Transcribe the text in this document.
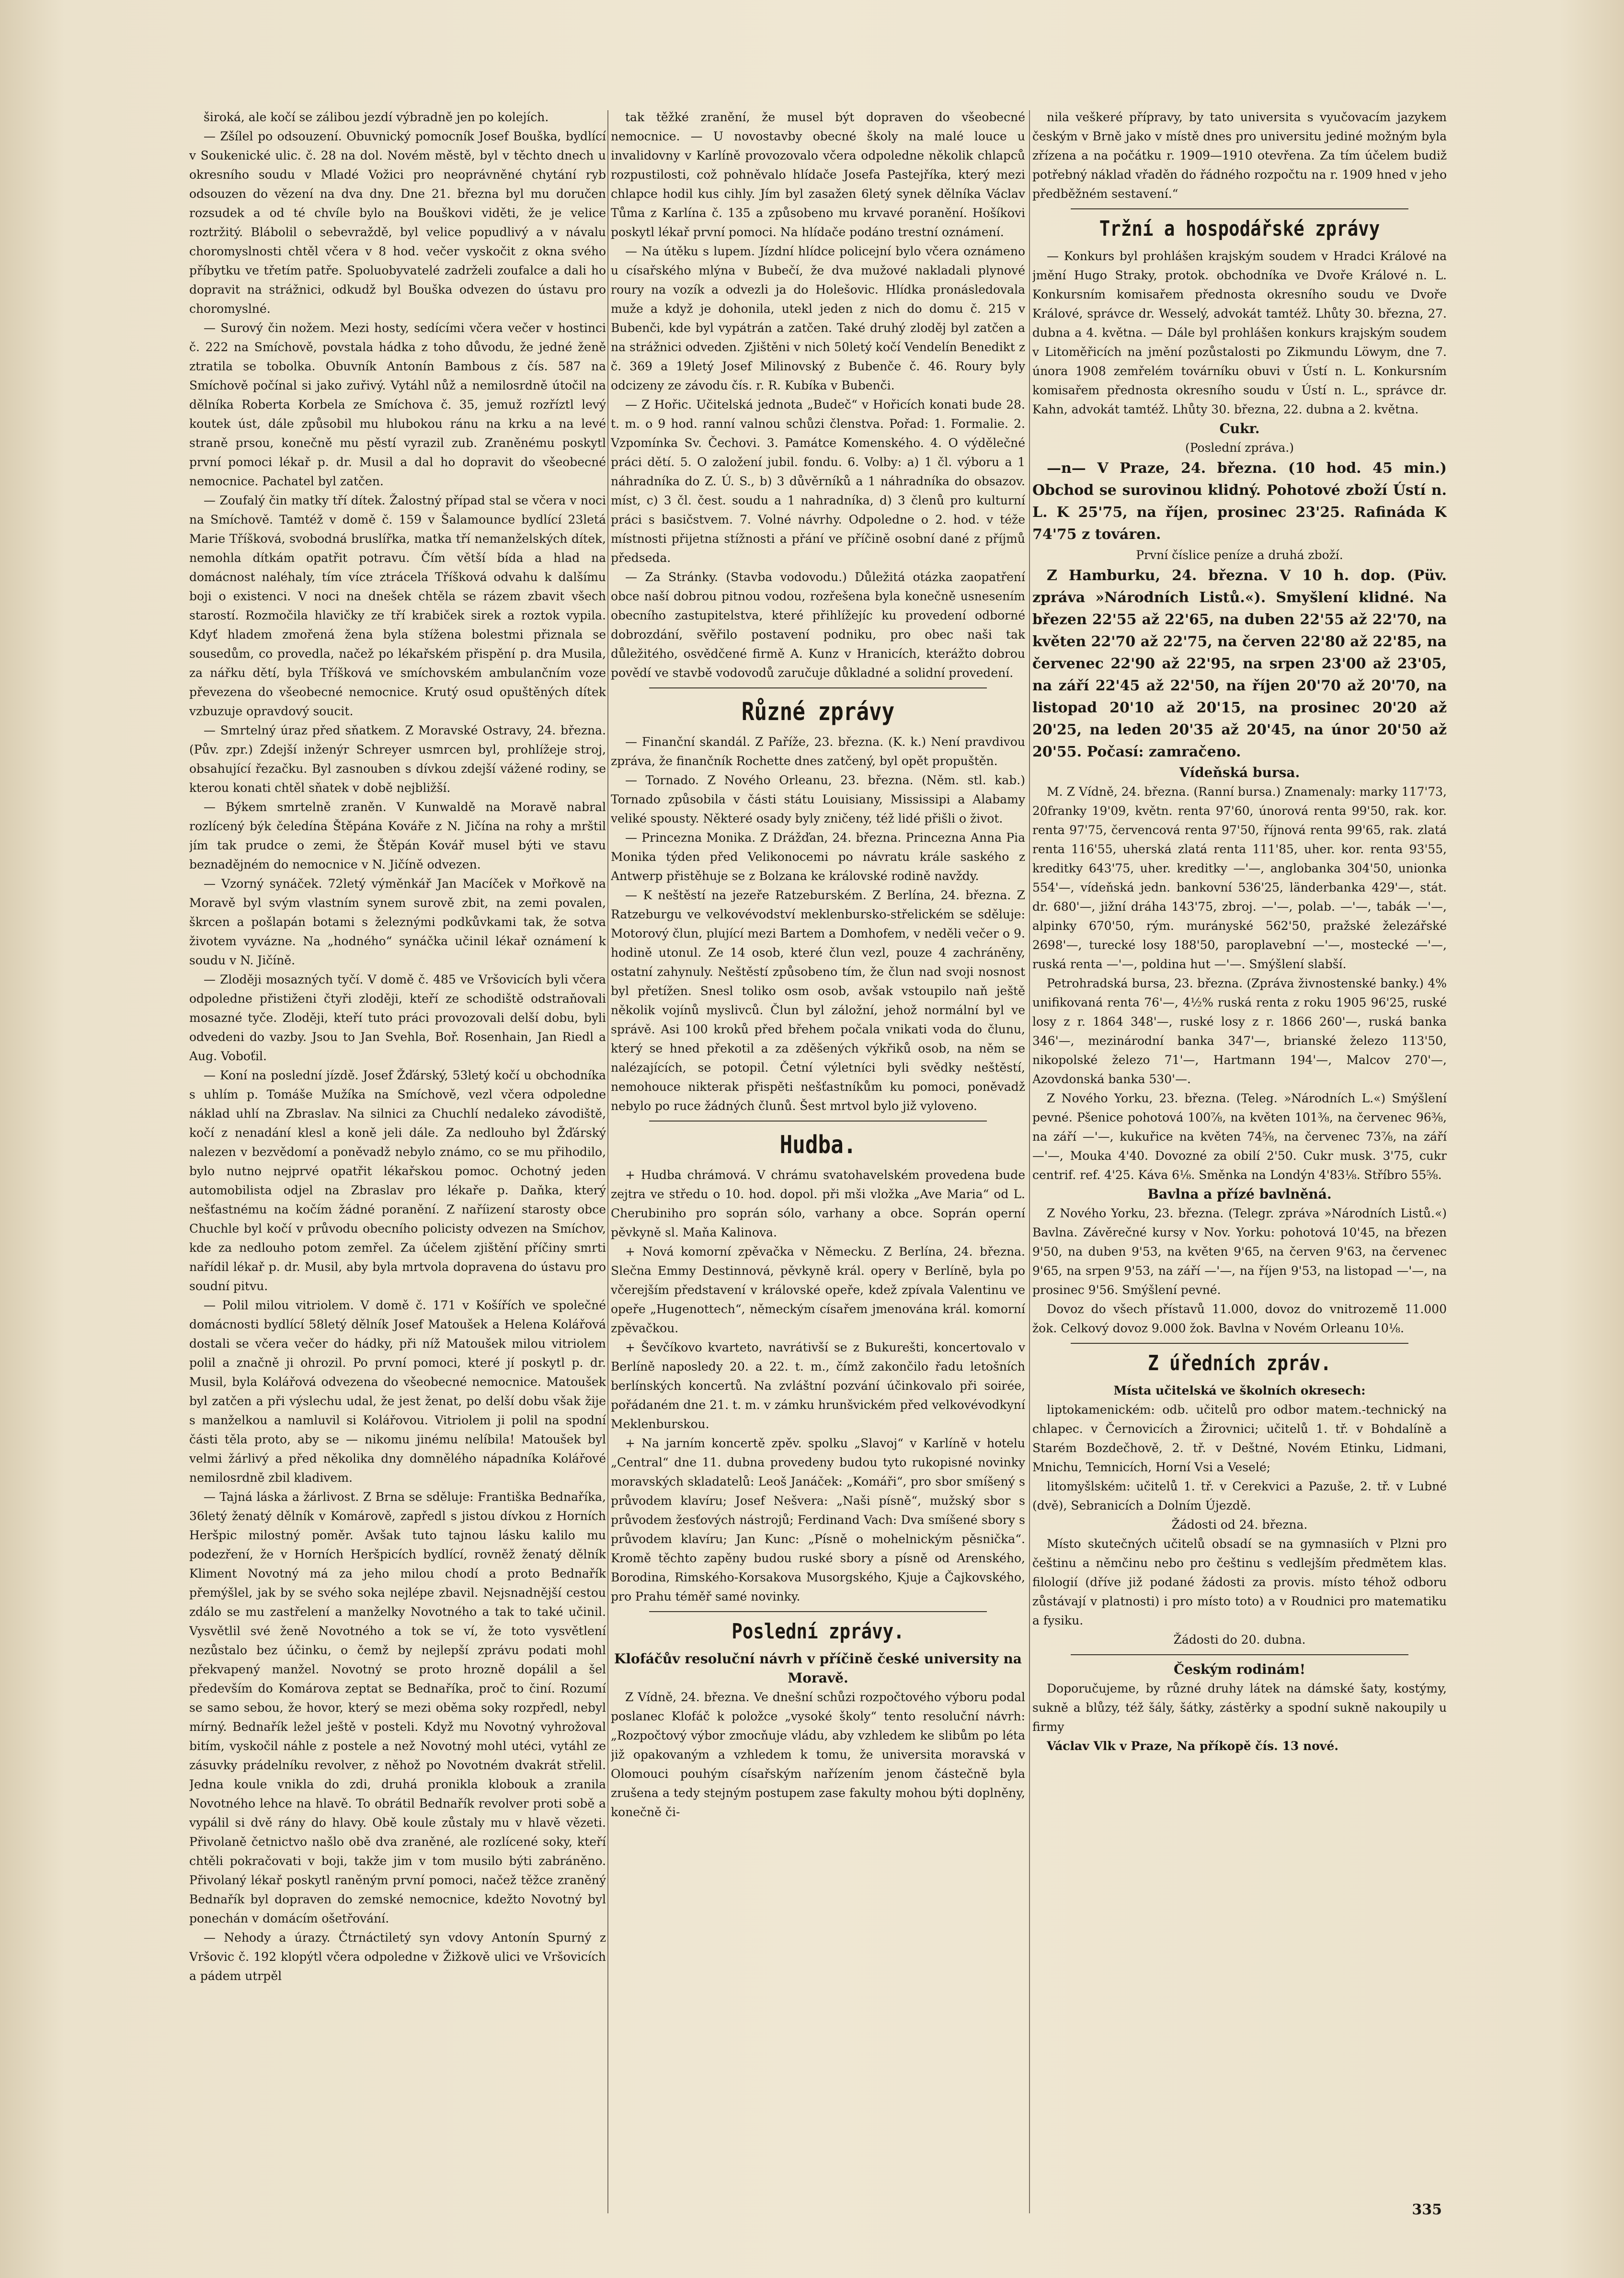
široká, ale kočí se zálibou jezdí výbradně jen po kolejích.

— Zšílel po odsouzení. Obuvnický pomocník Josef Bouška, bydlící v Soukenické ulic. č. 28 na dol. Novém městě, byl v těchto dnech u okresního soudu v Mladé Vožici pro neoprávněné chytání ryb odsouzen do vězení na dva dny. Dne 21. března byl mu doručen rozsudek a od té chvíle bylo na Bouškovi viděti, že je velice roztržitý. Blábolil o sebevraždě, byl velice popudlivý a v návalu choromyslnosti chtěl včera v 8 hod. večer vyskočit z okna svého příbytku ve třetím patře. Spoluobyvatelé zadrželi zoufalce a dali ho dopravit na strážnici, odkudž byl Bouška odvezen do ústavu pro choromyslné.

— Surový čin nožem. Mezi hosty, sedícími včera večer v hostinci č. 222 na Smíchově, povstala hádka z toho důvodu, že jedné ženě ztratila se tobolka. Obuvník Antonín Bambous z čís. 587 na Smíchově počínal si jako zuřivý. Vytáhl nůž a nemilosrdně útočil na dělníka Roberta Korbela ze Smíchova č. 35, jemuž rozříztl levý koutek úst, dále způsobil mu hlubokou ránu na krku a na levé straně prsou, konečně mu pěstí vyrazil zub. Zraněnému poskytl první pomoci lékař p. dr. Musil a dal ho dopravit do všeobecné nemocnice. Pachatel byl zatčen.

— Zoufalý čin matky tří dítek. Žalostný případ stal se včera v noci na Smíchově. Tamtéž v domě č. 159 v Šalamounce bydlící 23letá Marie Tříšková, svobodná bruslířka, matka tří nemanželských dítek, nemohla dítkám opatřit potravu. Čím větší bída a hlad na domácnost naléhaly, tím více ztrácela Tříšková odvahu k dalšímu boji o existenci. V noci na dnešek chtěla se rázem zbavit všech starostí. Rozmočila hlavičky ze tří krabiček sirek a roztok vypila. Kdyť hladem zmořená žena byla stížena bolestmi přiznala se sousedům, co provedla, načež po lékařském přispění p. dra Musila, za nářku dětí, byla Tříšková ve smíchovském ambulančním voze převezena do všeobecné nemocnice. Krutý osud opuštěných dítek vzbuzuje opravdový soucit.

— Smrtelný úraz před sňatkem. Z Moravské Ostravy, 24. března. (Pův. zpr.) Zdejší inženýr Schreyer usmrcen byl, prohlížeje stroj, obsahující řezačku. Byl zasnouben s dívkou zdejší vážené rodiny, se kterou konati chtěl sňatek v době nejbližší.

— Býkem smrtelně zraněn. V Kunwaldě na Moravě nabral rozlícený býk čeledína Štěpána Kováře z N. Jičína na rohy a mrštil jím tak prudce o zemi, že Štěpán Kovář musel býti ve stavu beznadějném do nemocnice v N. Jičíně odvezen.

— Vzorný synáček. 72letý výměnkář Jan Macíček v Mořkově na Moravě byl svým vlastním synem surově zbit, na zemi povalen, škrcen a pošlapán botami s železnými podkůvkami tak, že sotva životem vyvázne. Na „hodného“ synáčka učinil lékař oznámení k soudu v N. Jičíně.

— Zloději mosazných tyčí. V domě č. 485 ve Vršovicích byli včera odpoledne přistiženi čtyři zloději, kteří ze schodiště odstraňovali mosazné tyče. Zloději, kteří tuto práci provozovali delší dobu, byli odvedeni do vazby. Jsou to Jan Svehla, Boř. Rosenhain, Jan Riedl a Aug. Voboťil.

— Koní na poslední jízdě. Josef Žďárský, 53letý kočí u obchodníka s uhlím p. Tomáše Mužíka na Smíchově, vezl včera odpoledne náklad uhlí na Zbraslav. Na silnici za Chuchlí nedaleko závodiště, kočí z nenadání klesl a koně jeli dále. Za nedlouho byl Žďárský nalezen v bezvědomí a poněvadž nebylo známo, co se mu přihodilo, bylo nutno nejprvé opatřit lékařskou pomoc. Ochotný jeden automobilista odjel na Zbraslav pro lékaře p. Daňka, který nešťastnému na kočím žádné poranění. Z naříizení starosty obce Chuchle byl kočí v průvodu obecního policisty odvezen na Smíchov, kde za nedlouho potom zemřel. Za účelem zjištění příčiny smrti nařídil lékař p. dr. Musil, aby byla mrtvola dopravena do ústavu pro soudní pitvu.

— Polil milou vitriolem. V domě č. 171 v Košířích ve společné domácnosti bydlící 58letý dělník Josef Matoušek a Helena Kolářová dostali se včera večer do hádky, při níž Matoušek milou vitriolem polil a značně ji ohrozil. Po první pomoci, které jí poskytl p. dr. Musil, byla Kolářová odvezena do všeobecné nemocnice. Matoušek byl zatčen a při výslechu udal, že jest ženat, po delší dobu však žije s manželkou a namluvil si Kolářovou. Vitriolem ji polil na spodní části těla proto, aby se — nikomu jinému nelíbila! Matoušek byl velmi žárlivý a před několika dny domnělého nápadníka Kolářové nemilosrdně zbil kladivem.

— Tajná láska a žárlivost. Z Brna se sděluje: Františka Bednaříka, 36letý ženatý dělník v Komárově, zapředl s jistou dívkou z Horních Heršpic milostný poměr. Avšak tuto tajnou lásku kalilo mu podezření, že v Horních Heršpicích bydlící, rovněž ženatý dělník Kliment Novotný má za jeho milou chodí a proto Bednařík přemýšlel, jak by se svého soka nejlépe zbavil. Nejsnadnější cestou zdálo se mu zastřelení a manželky Novotného a tak to také učinil. Vysvětlil své ženě Novotného a tok se ví, že toto vysvětlení nezůstalo bez účinku, o čemž by nejlepší zprávu podati mohl překvapený manžel. Novotný se proto hrozně dopálil a šel především do Komárova zeptat se Bednaříka, proč to činí. Rozumí se samo sebou, že hovor, který se mezi oběma soky rozpředl, nebyl mírný. Bednařík ležel ještě v posteli. Když mu Novotný vyhrožoval bitím, vyskočil náhle z postele a než Novotný mohl utéci, vytáhl ze zásuvky prádelníku revolver, z něhož po Novotném dvakrát střelil. Jedna koule vnikla do zdi, druhá pronikla klobouk a zranila Novotného lehce na hlavě. To obrátil Bednařík revolver proti sobě a vypálil si dvě rány do hlavy. Obě koule zůstaly mu v hlavě vězeti. Přivolaně četnictvo našlo obě dva zraněné, ale rozlícené soky, kteří chtěli pokračovati v boji, takže jim v tom musilo býti zabráněno. Přivolaný lékař poskytl raněným první pomoci, načež těžce zraněný Bednařík byl dopraven do zemské nemocnice, kdežto Novotný byl ponechán v domácím ošetřování.

— Nehody a úrazy. Čtrnáctiletý syn vdovy Antonín Spurný z Vršovic č. 192 klopýtl včera odpoledne v Žižkově ulici ve Vršovicích a pádem utrpěl

tak těžké zranění, že musel být dopraven do všeobecné nemocnice. — U novostavby obecné školy na malé louce u invalidovny v Karlíně provozovalo včera odpoledne několik chlapců rozpustilosti, což pohněvalo hlídače Josefa Pastejříka, který mezi chlapce hodil kus cihly. Jím byl zasažen 6letý synek dělníka Václav Tůma z Karlína č. 135 a způsobeno mu krvavé poranění. Hošíkovi poskytl lékař první pomoci. Na hlídače podáno trestní oznámení.

— Na útěku s lupem. Jízdní hlídce policejní bylo včera oznámeno u císařského mlýna v Bubečí, že dva mužové nakladali plynové roury na vozík a odvezli ja do Holešovic. Hlídka pronásledovala muže a když je dohonila, utekl jeden z nich do domu č. 215 v Bubenči, kde byl vypátrán a zatčen. Také druhý zloděj byl zatčen a na strážnici odveden. Zjištěni v nich 50letý kočí Vendelín Benedikt z č. 369 a 19letý Josef Milinovský z Bubenče č. 46. Roury byly odcizeny ze závodu čís. r. R. Kubíka v Bubenči.

— Z Hořic. Učitelská jednota „Budeč“ v Hořicích konati bude 28. t. m. o 9 hod. ranní valnou schůzi členstva. Pořad: 1. Formalie. 2. Vzpomínka Sv. Čechovi. 3. Památce Komenského. 4. O výdělečné práci dětí. 5. O založení jubil. fondu. 6. Volby: a) 1 čl. výboru a 1 náhradníka do Z. Ú. S., b) 3 důvěrníků a 1 náhradníka do obsazov. míst, c) 3 čl. čest. soudu a 1 nahradníka, d) 3 členů pro kulturní práci s basičstvem. 7. Volné návrhy. Odpoledne o 2. hod. v téže místnosti přijetna stížnosti a přání ve příčině osobní dané z příjmů předseda.

— Za Stránky. (Stavba vodovodu.) Důležitá otázka zaopatření obce naší dobrou pitnou vodou, rozřešena byla konečně usnesením obecního zastupitelstva, které přihlížejíc ku provedení odborné dobrozdání, svěřilo postavení podniku, pro obec naši tak důležitého, osvědčené firmě A. Kunz v Hranicích, kterážto dobrou povědí ve stavbě vodovodů zaručuje důkladné a solidní provedení.

Různé zprávy

— Finanční skandál. Z Paříže, 23. března. (K. k.) Není pravdivou zpráva, že finančník Rochette dnes zatčený, byl opět propuštěn.

— Tornado. Z Nového Orleanu, 23. března. (Něm. stl. kab.) Tornado způsobila v části státu Louisiany, Mississipi a Alabamy veliké spousty. Některé osady byly zničeny, též lidé přišli o život.

— Princezna Monika. Z Drážďan, 24. března. Princezna Anna Pia Monika týden před Velikonocemi po návratu krále saského z Antwerp přistěhuje se z Bolzana ke královské rodině navždy.

— K neštěstí na jezeře Ratzeburském. Z Berlína, 24. března. Z Ratzeburgu ve velkovévodství meklenbursko-střelickém se sděluje: Motorový člun, plující mezi Bartem a Domhofem, v neděli večer o 9. hodině utonul. Ze 14 osob, které člun vezl, pouze 4 zachráněny, ostatní zahynuly. Neštěstí způsobeno tím, že člun nad svoji nosnost byl přetížen. Snesl toliko osm osob, avšak vstoupilo naň ještě několik vojínů myslivců. Člun byl záložní, jehož normální byl ve správě. Asi 100 kroků před břehem počala vnikati voda do člunu, který se hned překotil a za zděšených výkřiků osob, na něm se nalézajících, se potopil. Četní výletníci byli svědky neštěstí, nemohouce nikterak přispěti nešťastníkům ku pomoci, poněvadž nebylo po ruce žádných člunů. Šest mrtvol bylo již vyloveno.

Hudba.

+ Hudba chrámová. V chrámu svatohavelském provedena bude zejtra ve středu o 10. hod. dopol. při mši vložka „Ave Maria“ od L. Cherubiniho pro soprán sólo, varhany a obce. Soprán operní pěvkyně sl. Maňa Kalinova.

+ Nová komorní zpěvačka v Německu. Z Berlína, 24. března. Slečna Emmy Destinnová, pěvkyně král. opery v Berlíně, byla po včerejším představení v královské opeře, kdež zpívala Valentinu ve opeře „Hugenottech“, německým císařem jmenována král. komorní zpěvačkou.

+ Ševčíkovo kvarteto, navrátivší se z Bukurešti, koncertovalo v Berlíně naposledy 20. a 22. t. m., čímž zakončilo řadu letošních berlínských koncertů. Na zvláštní pozvání účinkovalo při soirée, pořádaném dne 21. t. m. v zámku hrunšvickém před velkovévodkyní Meklenburskou.

+ Na jarním koncertě zpěv. spolku „Slavoj“ v Karlíně v hotelu „Central“ dne 11. dubna provedeny budou tyto rukopisné novinky moravských skladatelů: Leoš Janáček: „Komáři“, pro sbor smíšený s průvodem klavíru; Josef Nešvera: „Naši písně“, mužský sbor s průvodem žesťových nástrojů; Ferdinand Vach: Dva smíšené sbory s průvodem klavíru; Jan Kunc: „Písně o mohelnickým pěsnička“. Kromě těchto zapěny budou ruské sbory a písně od Arenského, Borodina, Rimského-Korsakova Musorgského, Kjuje a Čajkovského, pro Prahu téměř samé novinky.

Poslední zprávy.

Klofáčův resoluční návrh v příčině české university na Moravě.

Z Vídně, 24. března. Ve dnešní schůzi rozpočtového výboru podal poslanec Klofáč k položce „vysoké školy“ tento resoluční návrh: „Rozpočtový výbor zmocňuje vládu, aby vzhledem ke slibům po léta již opakovaným a vzhledem k tomu, že universita moravská v Olomouci pouhým císařským nařízením jenom částečně byla zrušena a tedy stejným postupem zase fakulty mohou býti doplněny, konečně či-

nila veškeré přípravy, by tato universita s vyučovacím jazykem českým v Brně jako v místě dnes pro universitu jediné možným byla zřízena a na počátku r. 1909—1910 otevřena. Za tím účelem budiž potřebný náklad vřaděn do řádného rozpočtu na r. 1909 hned v jeho předběžném sestavení.“

Tržní a hospodářské zprávy

— Konkurs byl prohlášen krajským soudem v Hradci Králové na jmění Hugo Straky, protok. obchodníka ve Dvoře Králové n. L. Konkursním komisařem přednosta okresního soudu ve Dvoře Králové, správce dr. Wesselý, advokát tamtéž. Lhůty 30. března, 27. dubna a 4. května. — Dále byl prohlášen konkurs krajským soudem v Litoměřicích na jmění pozůstalosti po Zikmundu Löwym, dne 7. února 1908 zemřelém továrníku obuvi v Ústí n. L. Konkursním komisařem přednosta okresního soudu v Ústí n. L., správce dr. Kahn, advokát tamtéž. Lhůty 30. března, 22. dubna a 2. května.

Cukr.

(Poslední zpráva.)

—n— V Praze, 24. března. (10 hod. 45 min.) Obchod se surovinou klidný. Pohotové zboží Ústí n. L. K 25'75, na říjen, prosinec 23'25. Rafináda K 74'75 z továren.

První číslice peníze a druhá zboží.

Z Hamburku, 24. března. V 10 h. dop. (Püv. zpráva »Národních Listů.«). Smyšlení klidné. Na březen 22'55 až 22'65, na duben 22'55 až 22'70, na květen 22'70 až 22'75, na červen 22'80 až 22'85, na červenec 22'90 až 22'95, na srpen 23'00 až 23'05, na září 22'45 až 22'50, na říjen 20'70 až 20'70, na listopad 20'10 až 20'15, na prosinec 20'20 až 20'25, na leden 20'35 až 20'45, na únor 20'50 až 20'55. Počasí: zamračeno.

Vídeňská bursa.

M. Z Vídně, 24. března. (Ranní bursa.) Znamenaly: marky 117'73, 20franky 19'09, květn. renta 97'60, únorová renta 99'50, rak. kor. renta 97'75, červencová renta 97'50, říjnová renta 99'65, rak. zlatá renta 116'55, uherská zlatá renta 111'85, uher. kor. renta 93'55, kreditky 643'75, uher. kreditky —'—, anglobanka 304'50, unionka 554'—, vídeňská jedn. bankovní 536'25, länderbanka 429'—, stát. dr. 680'—, jižní dráha 143'75, zbroj. —'—, polab. —'—, tabák —'—, alpinky 670'50, rým. murányské 562'50, pražské železářské 2698'—, turecké losy 188'50, paroplavební —'—, mostecké —'—, ruská renta —'—, poldina hut —'—. Smýšlení slabší.

Petrohradská bursa, 23. března. (Zpráva živnostenské banky.) 4% unifikovaná renta 76'—, 4½% ruská renta z roku 1905 96'25, ruské losy z r. 1864 348'—, ruské losy z r. 1866 260'—, ruská banka 346'—, mezinárodní banka 347'—, brianské železo 113'50, nikopolské železo 71'—, Hartmann 194'—, Malcov 270'—, Azovdonská banka 530'—.

Z Nového Yorku, 23. března. (Teleg. »Národních L.«) Smýšlení pevné. Pšenice pohotová 100⅞, na květen 101⅜, na červenec 96⅜, na září —'—, kukuřice na květen 74⅝, na červenec 73⅞, na září —'—, Mouka 4'40. Dovozné za obilí 2'50. Cukr musk. 3'75, cukr centrif. ref. 4'25. Káva 6⅛. Směnka na Londýn 4'83⅛. Stříbro 55⅝.

Bavlna a přízé bavlněná.

Z Nového Yorku, 23. března. (Telegr. zpráva »Národních Listů.«) Bavlna. Závěrečné kursy v Nov. Yorku: pohotová 10'45, na březen 9'50, na duben 9'53, na květen 9'65, na červen 9'63, na červenec 9'65, na srpen 9'53, na září —'—, na říjen 9'53, na listopad —'—, na prosinec 9'56. Smýšlení pevné.

Dovoz do všech přístavů 11.000, dovoz do vnitrozemě 11.000 žok. Celkový dovoz 9.000 žok. Bavlna v Novém Orleanu 10⅛.

Z úředních zpráv.

Místa učitelská ve školních okresech:

liptokamenickém: odb. učitelů pro odbor matem.-technický na chlapec. v Černovicích a Žirovnici; učitelů 1. tř. v Bohdalíně a Starém Bozdečhově, 2. tř. v Deštné, Novém Etinku, Lidmani, Mnichu, Temnicích, Horní Vsi a Veselé;

litomyšlském: učitelů 1. tř. v Cerekvici a Pazuše, 2. tř. v Lubné (dvě), Sebranicích a Dolním Újezdě.

Žádosti od 24. března.

Místo skutečných učitelů obsadí se na gymnasiích v Plzni pro češtinu a němčinu nebo pro češtinu s vedlejším předmětem klas. filologií (dříve již podané žádosti za provis. místo téhož odboru zůstávají v platnosti) i pro místo toto) a v Roudnici pro matematiku a fysiku.

Žádosti do 20. dubna.

Českým rodinám!

Doporučujeme, by různé druhy látek na dámské šaty, kostýmy, sukně a blůzy, též šály, šátky, zástěrky a spodní sukně nakoupily u firmy

Václav Vlk v Praze, Na příkopě čís. 13 nové.

335
